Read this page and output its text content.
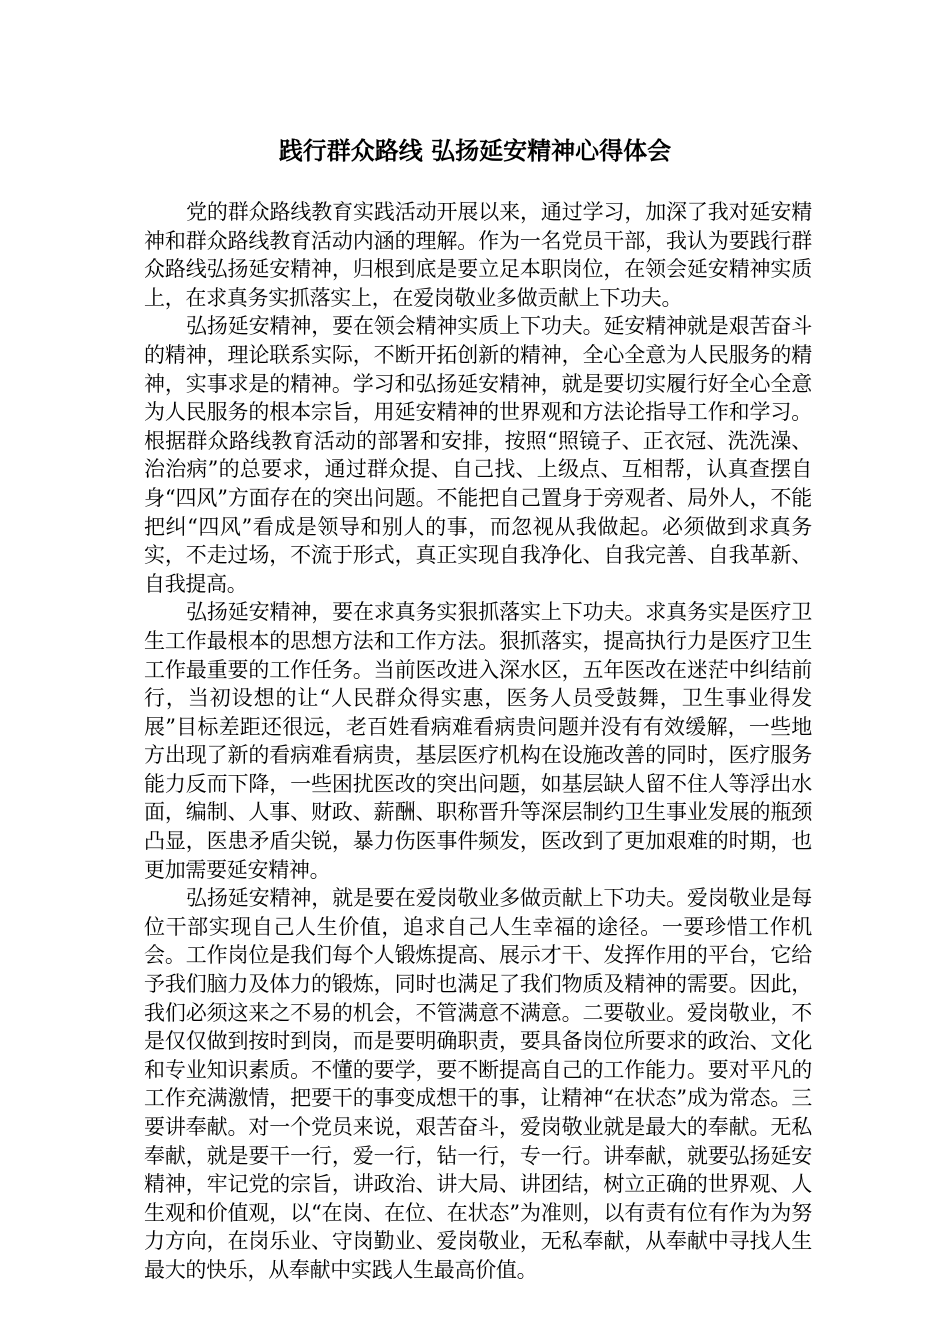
践行群众路线 弘扬延安精神心得体会

党的群众路线教育实践活动开展以来，通过学习，加深了我对延安精神和群众路线教育活动内涵的理解。作为一名党员干部，我认为要践行群众路线弘扬延安精神，归根到底是要立足本职岗位，在领会延安精神实质上，在求真务实抓落实上，在爱岗敬业多做贡献上下功夫。

弘扬延安精神，要在领会精神实质上下功夫。延安精神就是艰苦奋斗的精神，理论联系实际，不断开拓创新的精神，全心全意为人民服务的精神，实事求是的精神。学习和弘扬延安精神，就是要切实履行好全心全意为人民服务的根本宗旨，用延安精神的世界观和方法论指导工作和学习。根据群众路线教育活动的部署和安排，按照“照镜子、正衣冠、洗洗澡、治治病”的总要求，通过群众提、自己找、上级点、互相帮，认真查摆自身“四风”方面存在的突出问题。不能把自己置身于旁观者、局外人，不能把纠“四风”看成是领导和别人的事，而忽视从我做起。必须做到求真务实，不走过场，不流于形式，真正实现自我净化、自我完善、自我革新、自我提高。

弘扬延安精神，要在求真务实狠抓落实上下功夫。求真务实是医疗卫生工作最根本的思想方法和工作方法。狠抓落实，提高执行力是医疗卫生工作最重要的工作任务。当前医改进入深水区，五年医改在迷茫中纠结前行，当初设想的让“人民群众得实惠，医务人员受鼓舞，卫生事业得发展”目标差距还很远，老百姓看病难看病贵问题并没有有效缓解，一些地方出现了新的看病难看病贵，基层医疗机构在设施改善的同时，医疗服务能力反而下降，一些困扰医改的突出问题，如基层缺人留不住人等浮出水面，编制、人事、财政、薪酬、职称晋升等深层制约卫生事业发展的瓶颈凸显，医患矛盾尖锐，暴力伤医事件频发，医改到了更加艰难的时期，也更加需要延安精神。

弘扬延安精神，就是要在爱岗敬业多做贡献上下功夫。爱岗敬业是每位干部实现自己人生价值，追求自己人生幸福的途径。一要珍惜工作机会。工作岗位是我们每个人锻炼提高、展示才干、发挥作用的平台，它给予我们脑力及体力的锻炼，同时也满足了我们物质及精神的需要。因此，我们必须这来之不易的机会，不管满意不满意。二要敬业。爱岗敬业，不是仅仅做到按时到岗，而是要明确职责，要具备岗位所要求的政治、文化和专业知识素质。不懂的要学，要不断提高自己的工作能力。要对平凡的工作充满激情，把要干的事变成想干的事，让精神“在状态”成为常态。三要讲奉献。对一个党员来说，艰苦奋斗，爱岗敬业就是最大的奉献。无私奉献，就是要干一行，爱一行，钻一行，专一行。讲奉献，就要弘扬延安精神，牢记党的宗旨，讲政治、讲大局、讲团结，树立正确的世界观、人生观和价值观，以“在岗、在位、在状态”为准则，以有责有位有作为为努力方向，在岗乐业、守岗勤业、爱岗敬业，无私奉献，从奉献中寻找人生最大的快乐，从奉献中实践人生最高价值。
